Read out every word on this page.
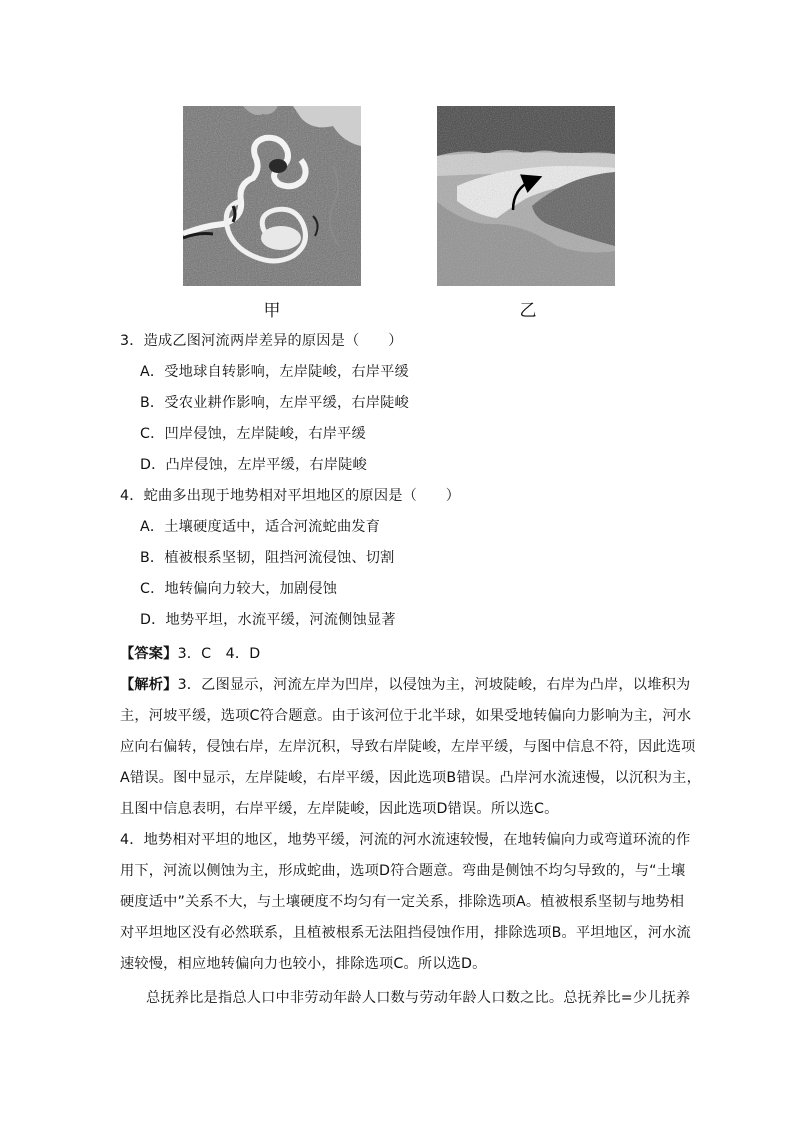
甲	乙
3．造成乙图河流两岸差异的原因是（　　）
A．受地球自转影响，左岸陡峻，右岸平缓
B．受农业耕作影响，左岸平缓，右岸陡峻
C．凹岸侵蚀，左岸陡峻，右岸平缓
D．凸岸侵蚀，左岸平缓，右岸陡峻
4．蛇曲多出现于地势相对平坦地区的原因是（　　）
A．土壤硬度适中，适合河流蛇曲发育
B．植被根系坚韧，阻挡河流侵蚀、切割
C．地转偏向力较大，加剧侵蚀
D．地势平坦，水流平缓，河流侧蚀显著
【答案】3．C　4．D
【解析】3．乙图显示，河流左岸为凹岸，以侵蚀为主，河坡陡峻，右岸为凸岸，以堆积为
主，河坡平缓，选项C符合题意。由于该河位于北半球，如果受地转偏向力影响为主，河水
应向右偏转，侵蚀右岸，左岸沉积，导致右岸陡峻，左岸平缓，与图中信息不符，因此选项
A错误。图中显示，左岸陡峻，右岸平缓，因此选项B错误。凸岸河水流速慢，以沉积为主，
且图中信息表明，右岸平缓，左岸陡峻，因此选项D错误。所以选C。
4．地势相对平坦的地区，地势平缓，河流的河水流速较慢，在地转偏向力或弯道环流的作
用下，河流以侧蚀为主，形成蛇曲，选项D符合题意。弯曲是侧蚀不均匀导致的，与“土壤
硬度适中”关系不大，与土壤硬度不均匀有一定关系，排除选项A。植被根系坚韧与地势相
对平坦地区没有必然联系，且植被根系无法阻挡侵蚀作用，排除选项B。平坦地区，河水流
速较慢，相应地转偏向力也较小，排除选项C。所以选D。
总抚养比是指总人口中非劳动年龄人口数与劳动年龄人口数之比。总抚养比=少儿抚养
